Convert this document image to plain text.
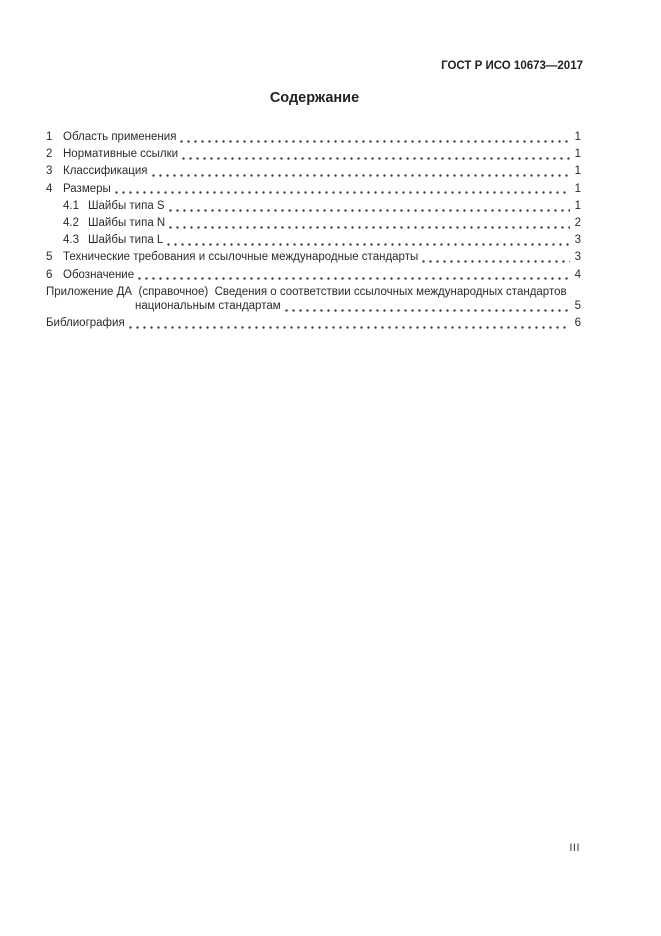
ГОСТ Р ИСО 10673—2017
Содержание
1 Область применения	1
2 Нормативные ссылки	1
3 Классификация	1
4 Размеры	1
4.1 Шайбы типа S	1
4.2 Шайбы типа N	2
4.3 Шайбы типа L	3
5 Технические требования и ссылочные международные стандарты	3
6 Обозначение	4
Приложение ДА  (справочное)  Сведения о соответствии ссылочных международных стандартов
национальным стандартам	5
Библиография	6
III
